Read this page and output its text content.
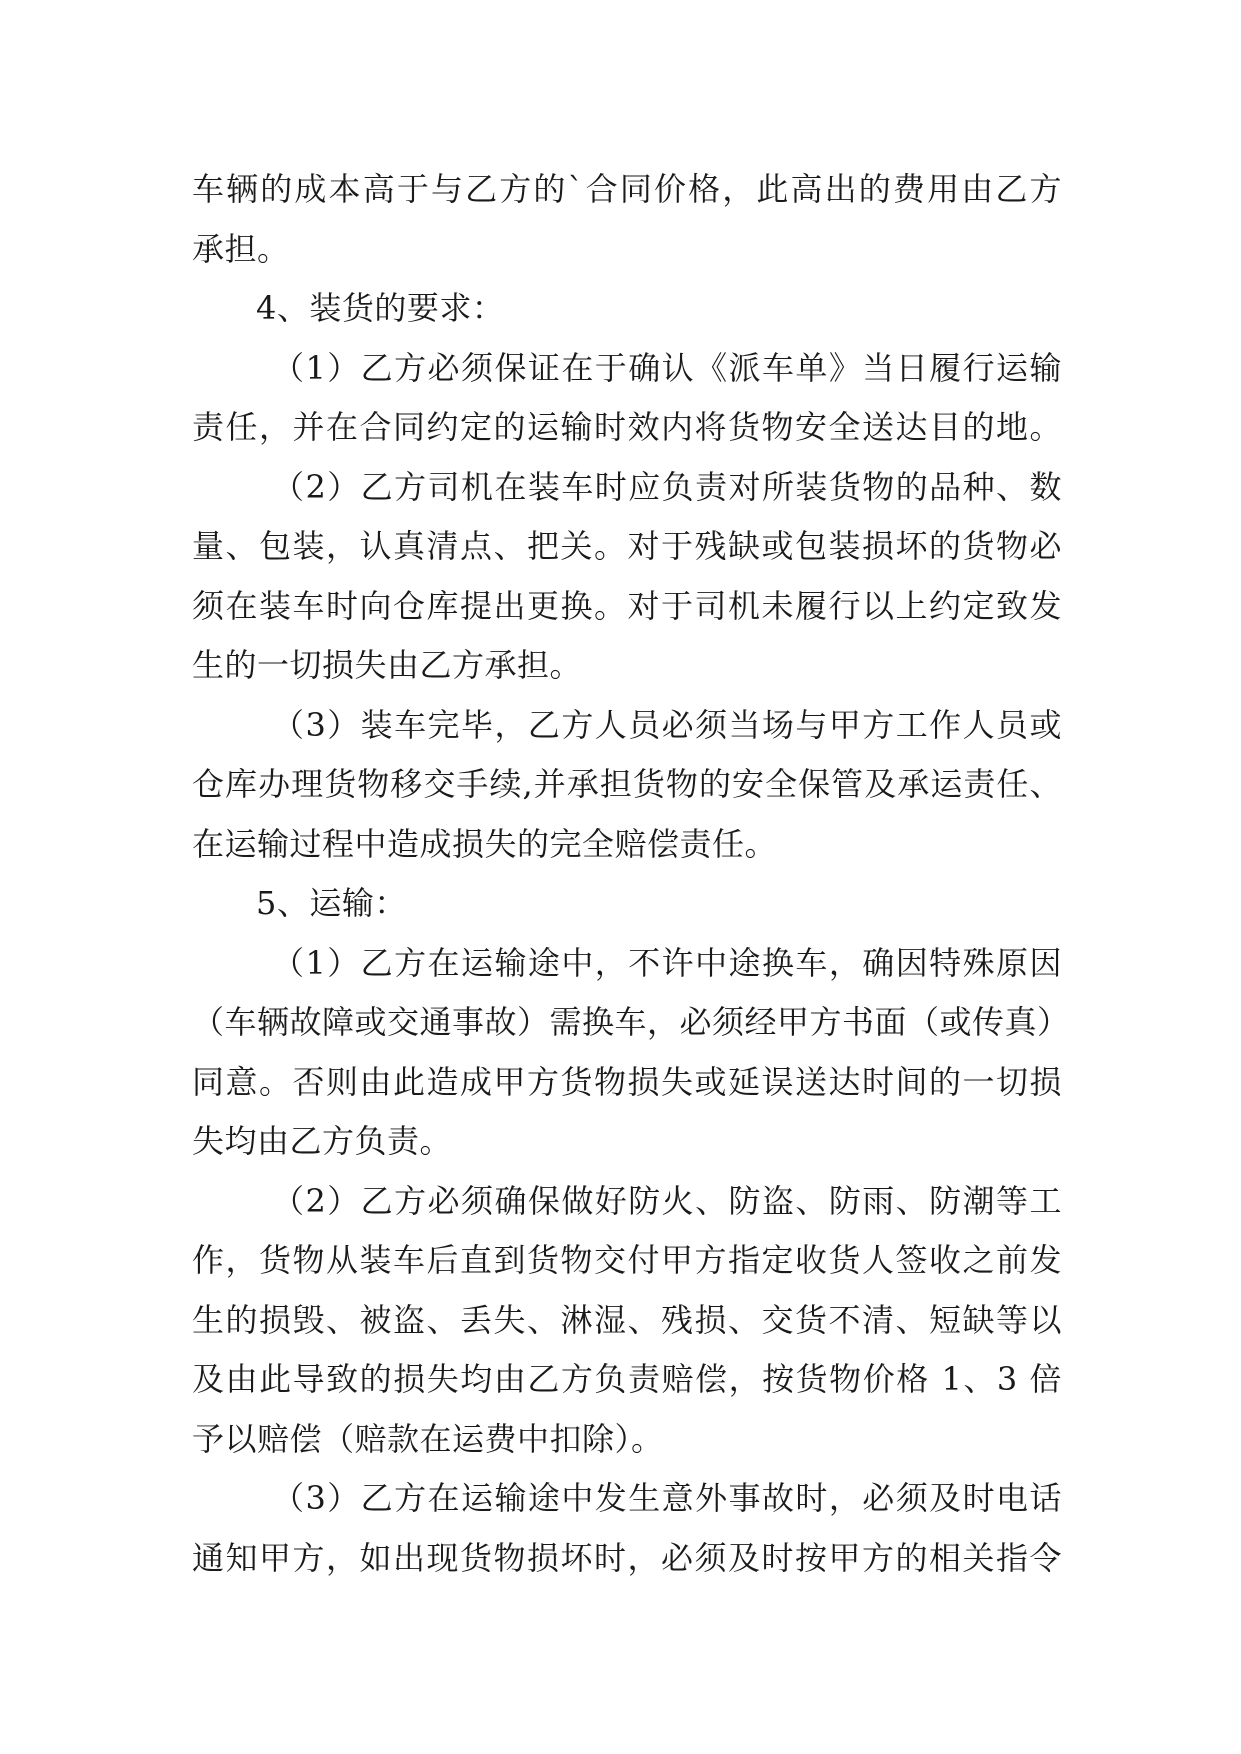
车辆的成本高于与乙方的`合同价格，此高出的费用由乙方
承担。
4、装货的要求：
（1）乙方必须保证在于确认《派车单》当日履行运输
责任，并在合同约定的运输时效内将货物安全送达目的地。
（2）乙方司机在装车时应负责对所装货物的品种、数
量、包装，认真清点、把关。对于残缺或包装损坏的货物必
须在装车时向仓库提出更换。对于司机未履行以上约定致发
生的一切损失由乙方承担。
（3）装车完毕，乙方人员必须当场与甲方工作人员或
仓库办理货物移交手续,并承担货物的安全保管及承运责任、
在运输过程中造成损失的完全赔偿责任。
5、运输：
（1）乙方在运输途中，不许中途换车，确因特殊原因
（车辆故障或交通事故）需换车，必须经甲方书面（或传真）
同意。否则由此造成甲方货物损失或延误送达时间的一切损
失均由乙方负责。
（2）乙方必须确保做好防火、防盗、防雨、防潮等工
作，货物从装车后直到货物交付甲方指定收货人签收之前发
生的损毁、被盗、丢失、淋湿、残损、交货不清、短缺等以
及由此导致的损失均由乙方负责赔偿，按货物价格 1、3 倍
予以赔偿（赔款在运费中扣除）。
（3）乙方在运输途中发生意外事故时，必须及时电话
通知甲方，如出现货物损坏时，必须及时按甲方的相关指令
